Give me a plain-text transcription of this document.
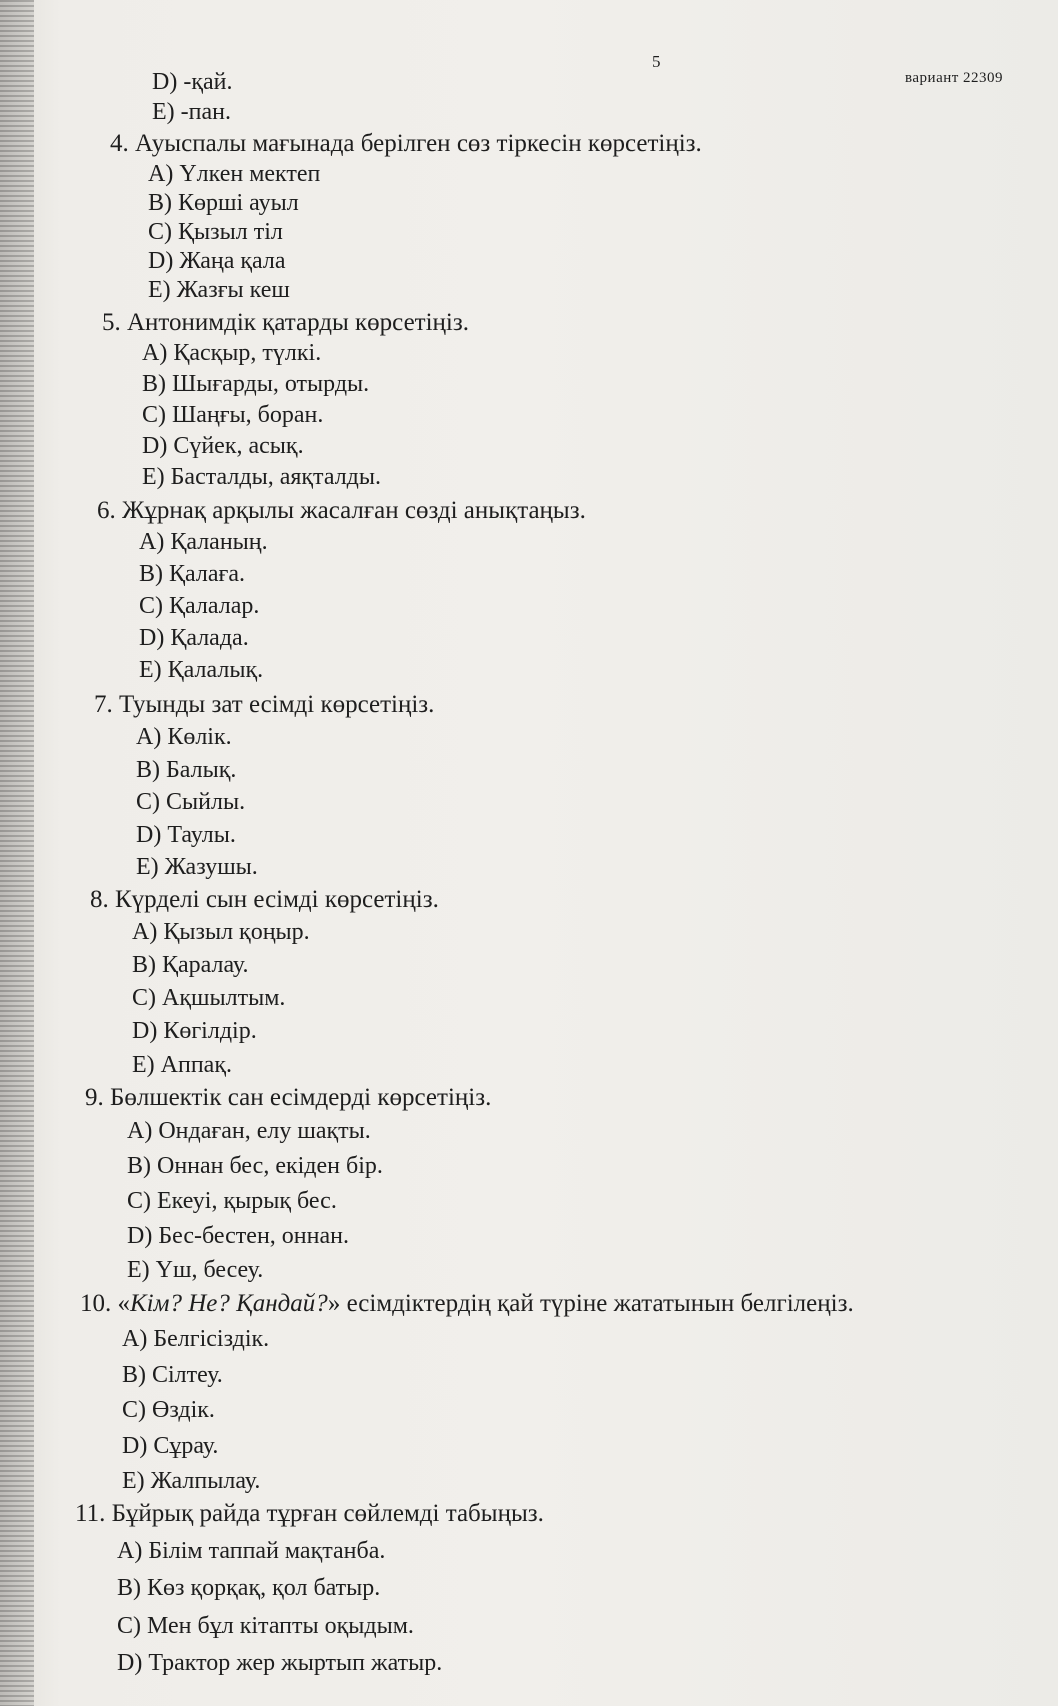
5
вариант 22309
D) -қай.
E) -пан.
4. Ауыспалы мағынада берілген сөз тіркесін көрсетіңіз.
A) Үлкен мектеп
B) Көрші ауыл
C) Қызыл тіл
D) Жаңа қала
E) Жазғы кеш
5. Антонимдік қатарды көрсетіңіз.
A) Қасқыр, түлкі.
B) Шығарды, отырды.
C) Шаңғы, боран.
D) Сүйек, асық.
E) Басталды, аяқталды.
6. Жұрнақ арқылы жасалған сөзді анықтаңыз.
A) Қаланың.
B) Қалаға.
C) Қалалар.
D) Қалада.
E) Қалалық.
7. Туынды зат есімді көрсетіңіз.
A) Көлік.
B) Балық.
C) Сыйлы.
D) Таулы.
E) Жазушы.
8. Күрделі сын есімді көрсетіңіз.
A) Қызыл қоңыр.
B) Қаралау.
C) Ақшылтым.
D) Көгілдір.
E) Аппақ.
9. Бөлшектік сан есімдерді көрсетіңіз.
A) Ондаған, елу шақты.
B) Оннан бес, екіден бір.
C) Екеуі, қырық бес.
D) Бес-бестен, оннан.
E) Үш, бесеу.
10. «Кім? Не? Қандай?» есімдіктердің қай түріне жататынын белгілеңіз.
A) Белгісіздік.
B) Сілтеу.
C) Өздік.
D) Сұрау.
E) Жалпылау.
11. Бұйрық райда тұрған сөйлемді табыңыз.
A) Білім таппай мақтанба.
B) Көз қорқақ, қол батыр.
C) Мен бұл кітапты оқыдым.
D) Трактор жер жыртып жатыр.
